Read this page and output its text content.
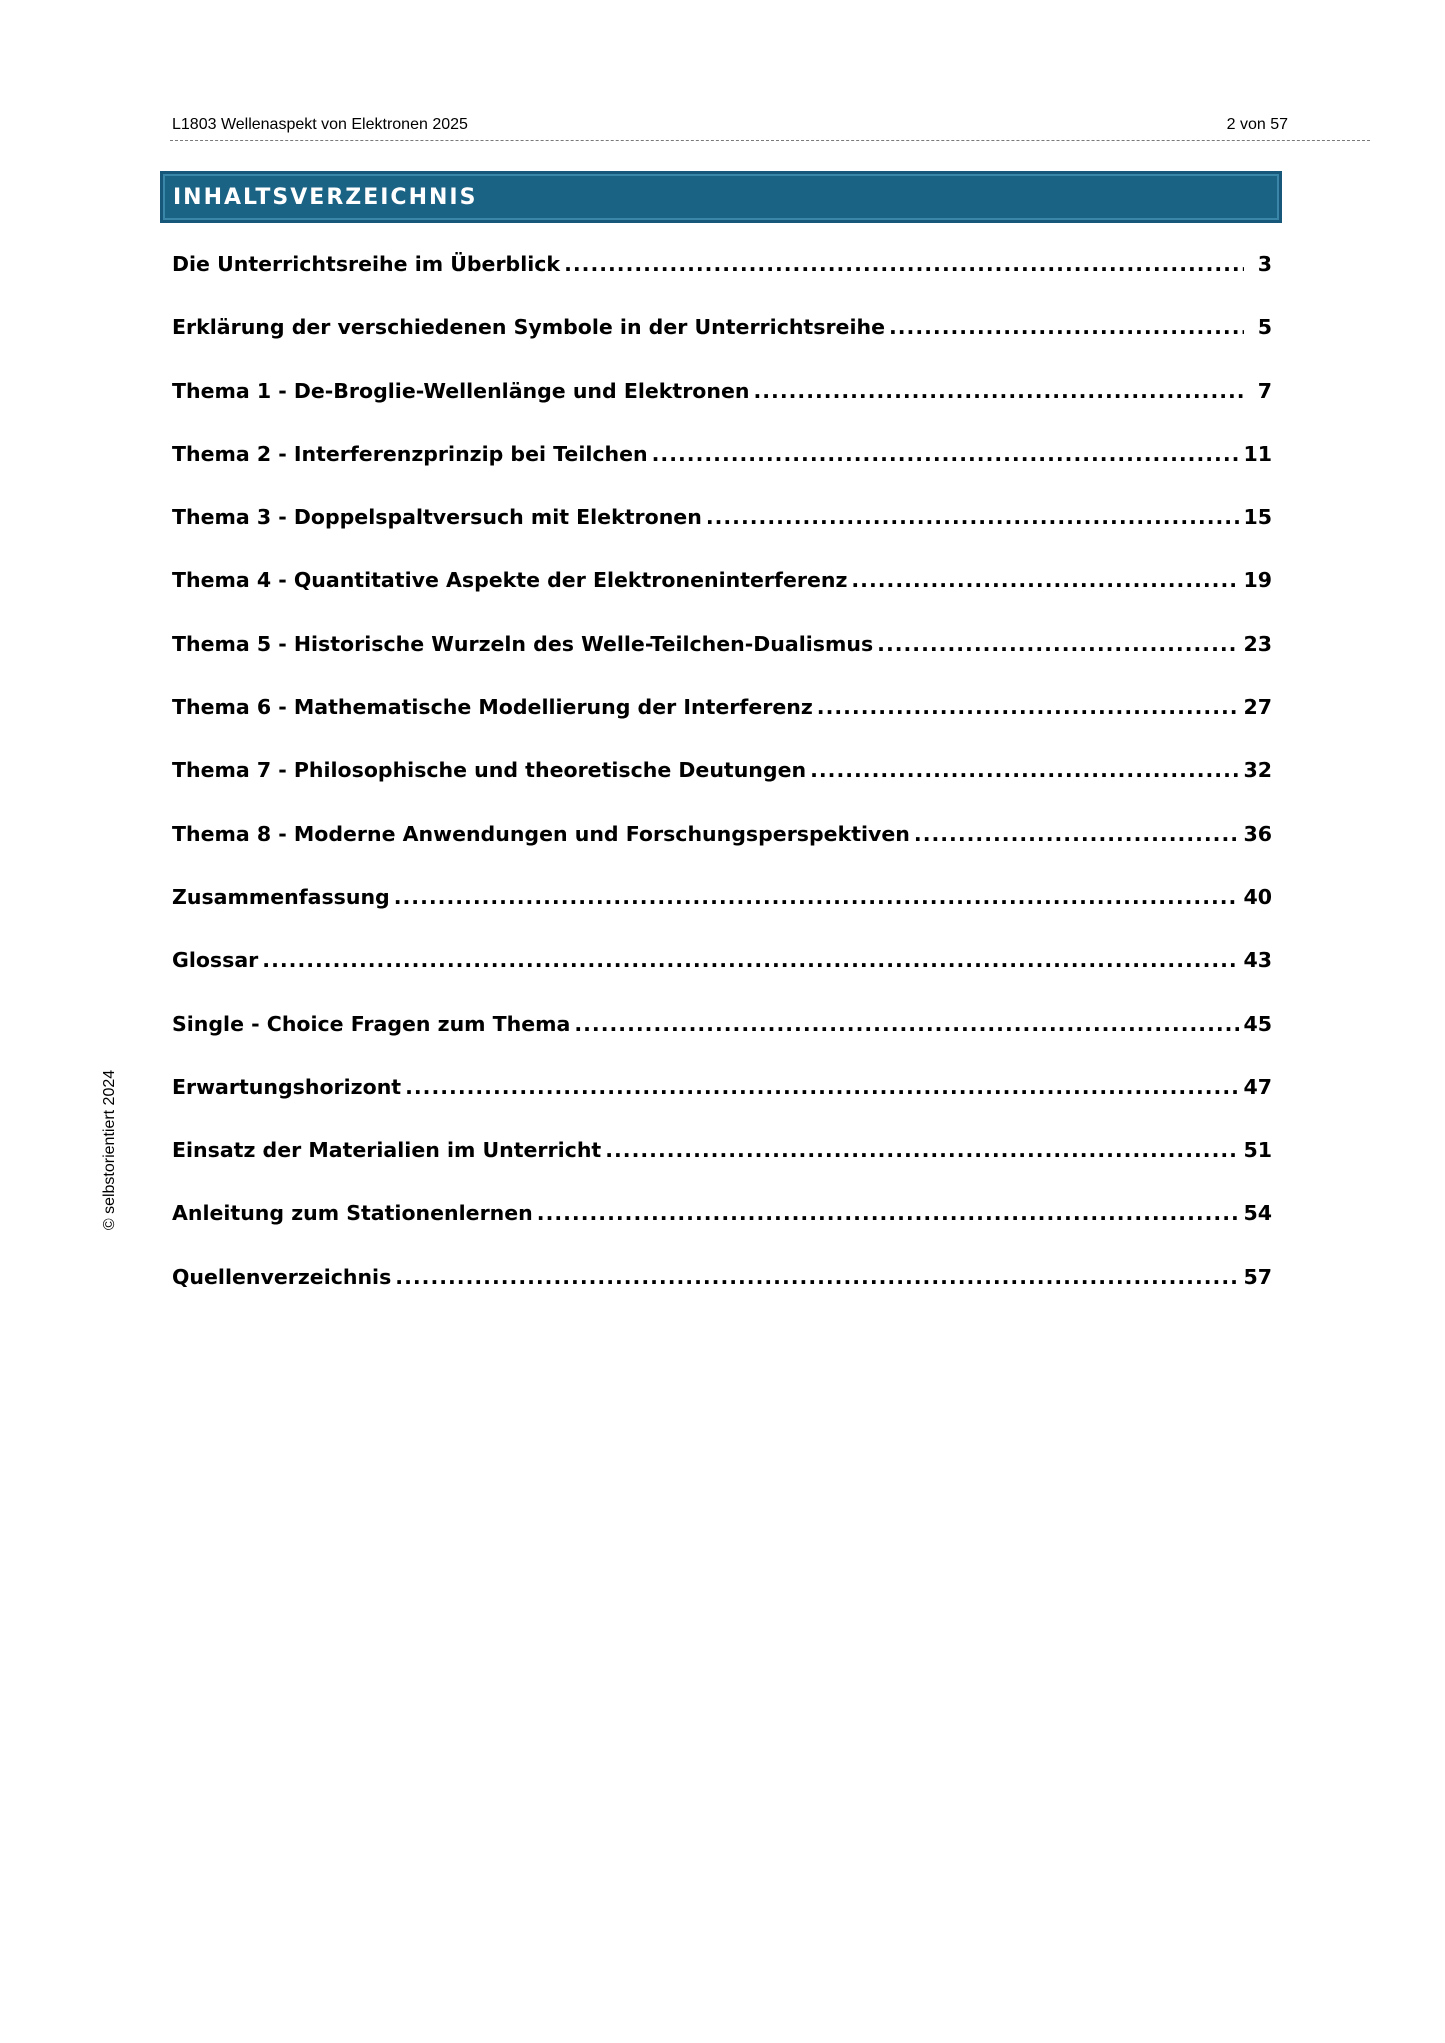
L1803 Wellenaspekt von Elektronen 2025	2 von 57
INHALTSVERZEICHNIS
Die Unterrichtsreihe im Überblick .....	3
Erklärung der verschiedenen Symbole in der Unterrichtsreihe .....	5
Thema 1 - De-Broglie-Wellenlänge und Elektronen .....	7
Thema 2 - Interferenzprinzip bei Teilchen .....	11
Thema 3 - Doppelspaltversuch mit Elektronen .....	15
Thema 4 - Quantitative Aspekte der Elektroneninterferenz .....	19
Thema 5 - Historische Wurzeln des Welle-Teilchen-Dualismus .....	23
Thema 6 - Mathematische Modellierung der Interferenz .....	27
Thema 7 - Philosophische und theoretische Deutungen .....	32
Thema 8 - Moderne Anwendungen und Forschungsperspektiven .....	36
Zusammenfassung .....	40
Glossar .....	43
Single - Choice Fragen zum Thema .....	45
Erwartungshorizont .....	47
Einsatz der Materialien im Unterricht .....	51
Anleitung zum Stationenlernen .....	54
Quellenverzeichnis .....	57
© selbstorientiert 2024
